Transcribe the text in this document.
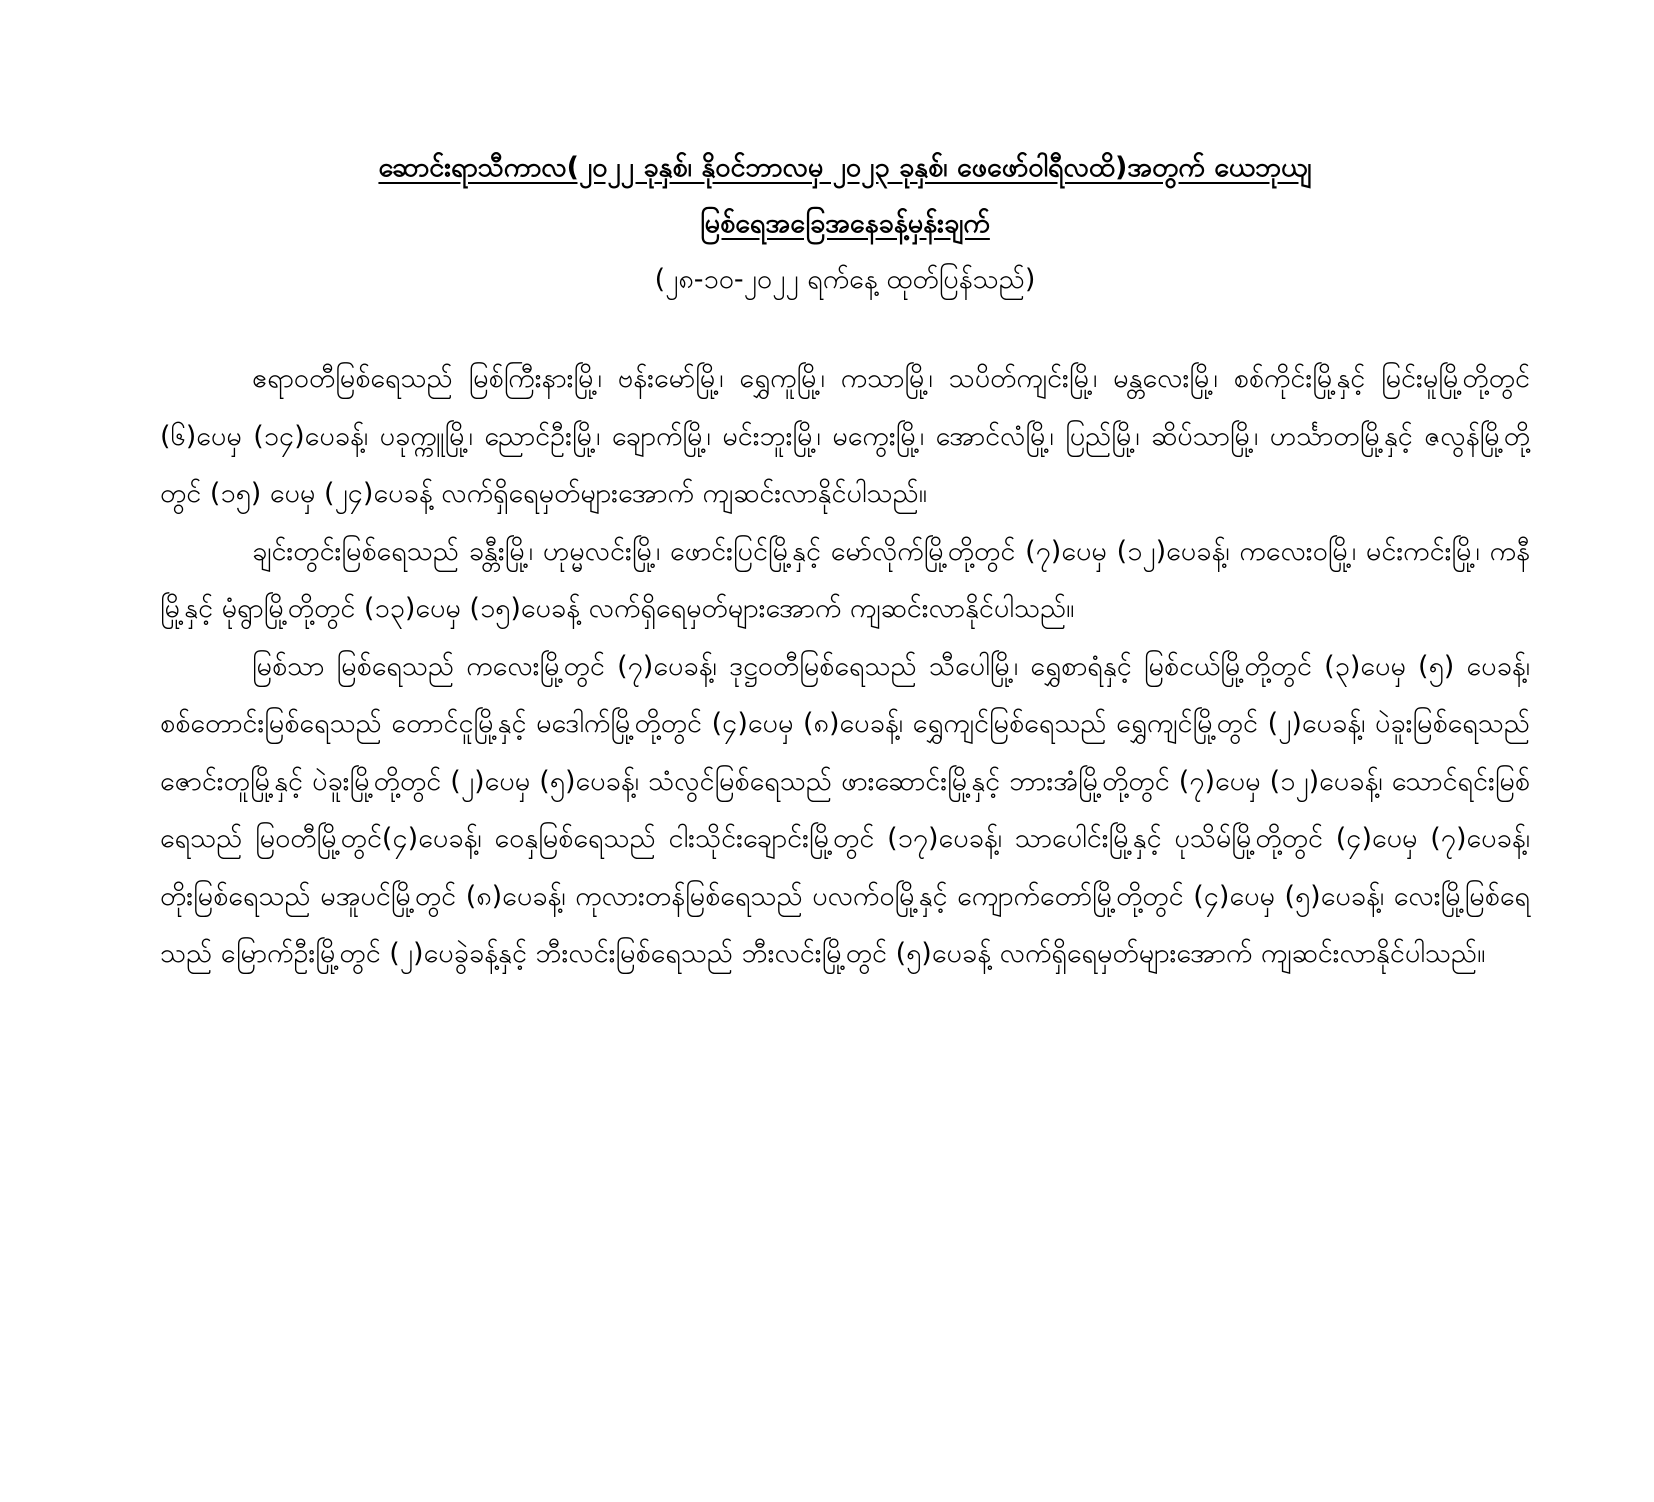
ဆောင်းရာသီကာလ(၂၀၂၂ ခုနှစ်၊ နိုဝင်ဘာလမှ ၂၀၂၃ ခုနှစ်၊ ဖေဖော်ဝါရီလထိ)အတွက် ယေဘုယျ

မြစ်ရေအခြေအနေခန့်မှန်းချက်

(၂၈-၁၀-၂၀၂၂ ရက်နေ့ ထုတ်ပြန်သည်)

ဧရာဝတီမြစ်ရေသည် မြစ်ကြီးနားမြို့၊ ဗန်းမော်မြို့၊ ရွှေကူမြို့၊ ကသာမြို့၊ သပိတ်ကျင်းမြို့၊ မန္တလေးမြို့၊ စစ်ကိုင်းမြို့နှင့် မြင်းမူမြို့တို့တွင် (၆)ပေမှ (၁၄)ပေခန့်၊ ပခုက္ကူမြို့၊ ညောင်ဦးမြို့၊ ချောက်မြို့၊ မင်းဘူးမြို့၊ မကွေးမြို့၊ အောင်လံမြို့၊ ပြည်မြို့၊ ဆိပ်သာမြို့၊ ဟင်္သာတမြို့နှင့် ဇလွန်မြို့တို့တွင် (၁၅) ပေမှ (၂၄)ပေခန့် လက်ရှိရေမှတ်များအောက် ကျဆင်းလာနိုင်ပါသည်။

ချင်းတွင်းမြစ်ရေသည် ခန္တီးမြို့၊ ဟုမ္မလင်းမြို့၊ ဖောင်းပြင်မြို့နှင့် မော်လိုက်မြို့တို့တွင် (၇)ပေမှ (၁၂)ပေခန့်၊ ကလေးဝမြို့၊ မင်းကင်းမြို့၊ ကနီမြို့နှင့် မုံရွာမြို့တို့တွင် (၁၃)ပေမှ (၁၅)ပေခန့် လက်ရှိရေမှတ်များအောက် ကျဆင်းလာနိုင်ပါသည်။

မြစ်သာ မြစ်ရေသည် ကလေးမြို့တွင် (၇)ပေခန့်၊ ဒုဋ္ဌဝတီမြစ်ရေသည် သီပေါမြို့၊ ရွှေစာရံနှင့် မြစ်ငယ်မြို့တို့တွင် (၃)ပေမှ (၅) ပေခန့်၊ စစ်တောင်းမြစ်ရေသည် တောင်ငူမြို့နှင့် မဒေါက်မြို့တို့တွင် (၄)ပေမှ (၈)ပေခန့်၊ ရွှေကျင်မြစ်ရေသည် ရွှေကျင်မြို့တွင် (၂)ပေခန့်၊ ပဲခူးမြစ်ရေသည် ဇောင်းတူမြို့နှင့် ပဲခူးမြို့တို့တွင် (၂)ပေမှ (၅)ပေခန့်၊ သံလွင်မြစ်ရေသည် ဖားဆောင်းမြို့နှင့် ဘားအံမြို့တို့တွင် (၇)ပေမှ (၁၂)ပေခန့်၊ သောင်ရင်းမြစ်ရေသည် မြဝတီမြို့တွင်(၄)ပေခန့်၊ ဝေနှမြစ်ရေသည် ငါးသိုင်းချောင်းမြို့တွင် (၁၇)ပေခန့်၊ သာပေါင်းမြို့နှင့် ပုသိမ်မြို့တို့တွင် (၄)ပေမှ (၇)ပေခန့်၊ တိုးမြစ်ရေသည် မအူပင်မြို့တွင် (၈)ပေခန့်၊ ကုလားတန်မြစ်ရေသည် ပလက်ဝမြို့နှင့် ကျောက်တော်မြို့တို့တွင် (၄)ပေမှ (၅)ပေခန့်၊ လေးမြို့မြစ်ရေသည် မြောက်ဦးမြို့တွင် (၂)ပေခွဲခန့်နှင့် ဘီးလင်းမြစ်ရေသည် ဘီးလင်းမြို့တွင် (၅)ပေခန့် လက်ရှိရေမှတ်များအောက် ကျဆင်းလာနိုင်ပါသည်။
